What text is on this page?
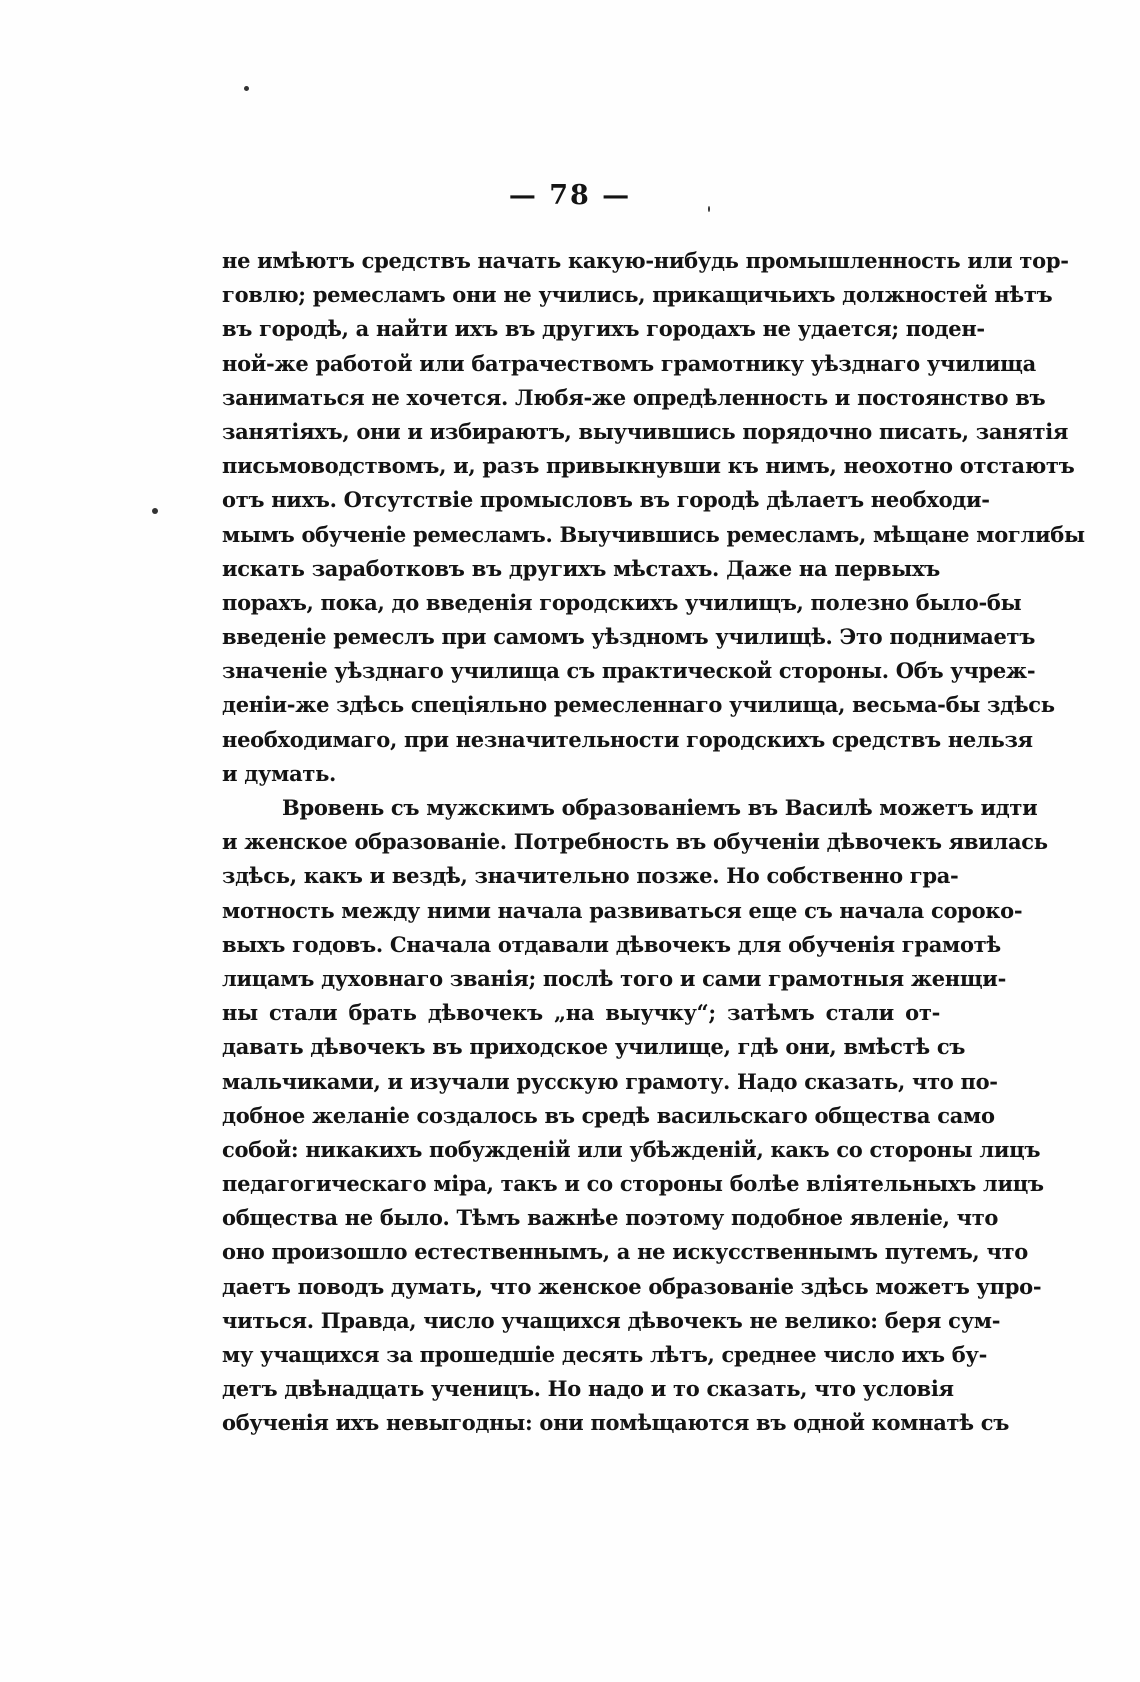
— 78 —
не имѣютъ средствъ начать какую-нибудь промышленность или тор-
говлю; ремесламъ они не учились, прикащичьихъ должностей нѣтъ
въ городѣ, а найти ихъ въ другихъ городахъ не удается; поден-
ной-же работой или батрачествомъ грамотнику уѣзднаго училища
заниматься не хочется. Любя-же опредѣленность и постоянство въ
занятіяхъ, они и избираютъ, выучившись порядочно писать, занятія
письмоводствомъ, и, разъ привыкнувши къ нимъ, неохотно отстаютъ
отъ нихъ. Отсутствіе промысловъ въ городѣ дѣлаетъ необходи-
мымъ обученіе ремесламъ. Выучившись ремесламъ, мѣщане моглибы
искать заработковъ въ другихъ мѣстахъ. Даже на первыхъ
порахъ, пока, до введенія городскихъ училищъ, полезно было-бы
введеніе ремеслъ при самомъ уѣздномъ училищѣ. Это поднимаетъ
значеніе уѣзднаго училища съ практической стороны. Объ учреж-
деніи-же здѣсь спеціяльно ремесленнаго училища, весьма-бы здѣсь
необходимаго, при незначительности городскихъ средствъ нельзя
и думать.
Вровень съ мужскимъ образованіемъ въ Василѣ можетъ идти
и женское образованіе. Потребность въ обученіи дѣвочекъ явилась
здѣсь, какъ и вездѣ, значительно позже. Но собственно гра-
мотность между ними начала развиваться еще съ начала сороко-
выхъ годовъ. Сначала отдавали дѣвочекъ для обученія грамотѣ
лицамъ духовнаго званія; послѣ того и сами грамотныя женщи-
ны стали брать дѣвочекъ „на выучку“; затѣмъ стали от-
давать дѣвочекъ въ приходское училище, гдѣ они, вмѣстѣ съ
мальчиками, и изучали русскую грамоту. Надо сказать, что по-
добное желаніе создалось въ средѣ васильскаго общества само
собой: никакихъ побужденій или убѣжденій, какъ со стороны лицъ
педагогическаго міра, такъ и со стороны болѣе вліятельныхъ лицъ
общества не было. Тѣмъ важнѣе поэтому подобное явленіе, что
оно произошло естественнымъ, а не искусственнымъ путемъ, что
даетъ поводъ думать, что женское образованіе здѣсь можетъ упро-
читься. Правда, число учащихся дѣвочекъ не велико: беря сум-
му учащихся за прошедшіе десять лѣтъ, среднее число ихъ бу-
детъ двѣнадцать ученицъ. Но надо и то сказать, что условія
обученія ихъ невыгодны: они помѣщаются въ одной комнатѣ съ
